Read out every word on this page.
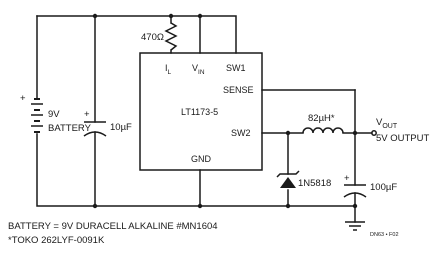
$I_L$ $V_{IN}$ SW1
SENSE
LT1173-5
SW2
GND
+
9V
BATTERY
+
10µF
470Ω
82µH*
1N5818 +
100µF
$V_{OUT}$
5V OUTPUT
BATTERY = 9V DURACELL ALKALINE #MN1604
*TOKO 262LYF-0091K	DN63 • F02
